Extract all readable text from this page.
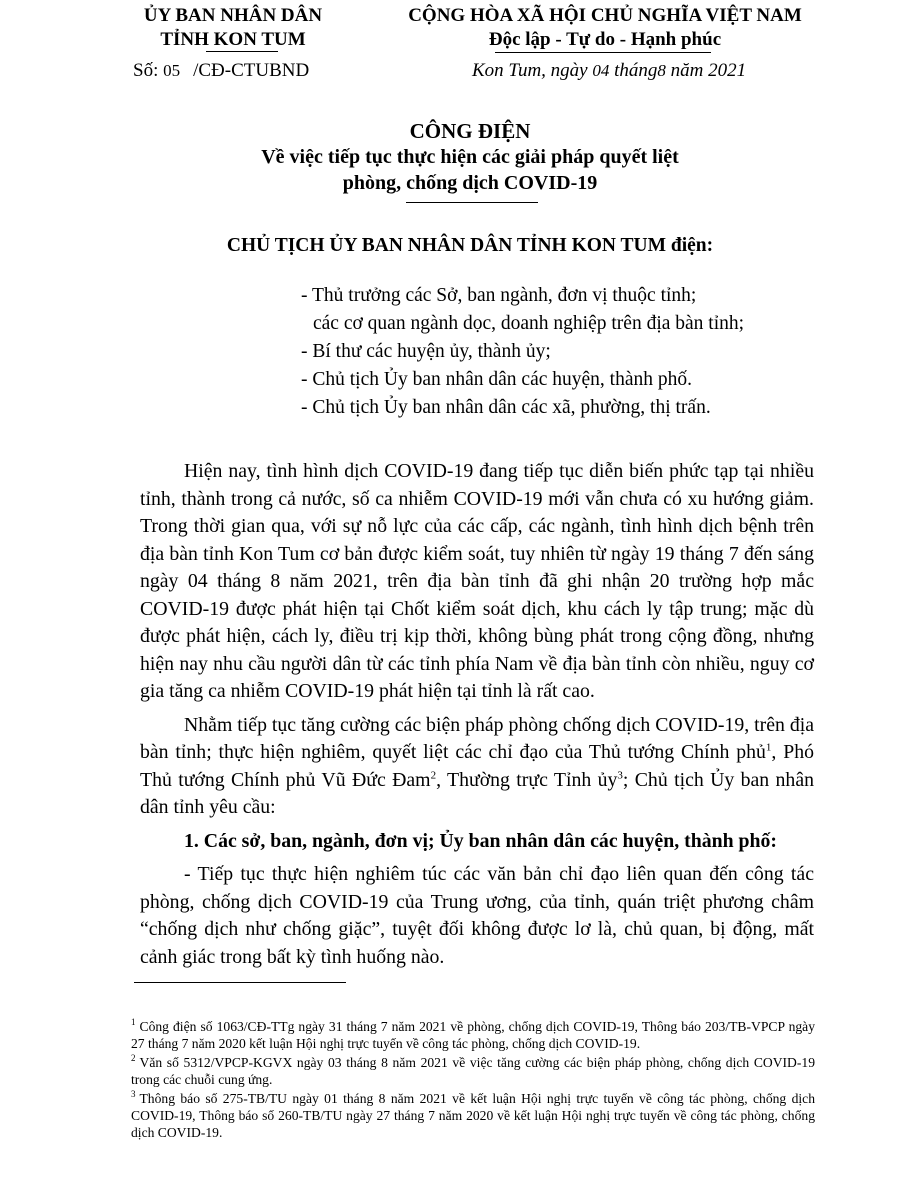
ỦY BAN NHÂN DÂN
TỈNH KON TUM
CỘNG HÒA XÃ HỘI CHỦ NGHĨA VIỆT NAM
Độc lập - Tự do - Hạnh phúc
Số: 05 /CĐ-CTUBND	Kon Tum, ngày 04 tháng8 năm 2021
CÔNG ĐIỆN
Về việc tiếp tục thực hiện các giải pháp quyết liệt
phòng, chống dịch COVID-19
CHỦ TỊCH ỦY BAN NHÂN DÂN TỈNH KON TUM điện:
- Thủ trưởng các Sở, ban ngành, đơn vị thuộc tỉnh;
các cơ quan ngành dọc, doanh nghiệp trên địa bàn tỉnh;
- Bí thư các huyện ủy, thành ủy;
- Chủ tịch Ủy ban nhân dân các huyện, thành phố.
- Chủ tịch Ủy ban nhân dân các xã, phường, thị trấn.

Hiện nay, tình hình dịch COVID-19 đang tiếp tục diễn biến phức tạp tại nhiều tỉnh, thành trong cả nước, số ca nhiễm COVID-19 mới vẫn chưa có xu hướng giảm. Trong thời gian qua, với sự nỗ lực của các cấp, các ngành, tình hình dịch bệnh trên địa bàn tỉnh Kon Tum cơ bản được kiểm soát, tuy nhiên từ ngày 19 tháng 7 đến sáng ngày 04 tháng 8 năm 2021, trên địa bàn tỉnh đã ghi nhận 20 trường hợp mắc COVID-19 được phát hiện tại Chốt kiểm soát dịch, khu cách ly tập trung; mặc dù được phát hiện, cách ly, điều trị kịp thời, không bùng phát trong cộng đồng, nhưng hiện nay nhu cầu người dân từ các tỉnh phía Nam về địa bàn tỉnh còn nhiều, nguy cơ gia tăng ca nhiễm COVID-19 phát hiện tại tỉnh là rất cao.

Nhằm tiếp tục tăng cường các biện pháp phòng chống dịch COVID-19, trên địa bàn tỉnh; thực hiện nghiêm, quyết liệt các chỉ đạo của Thủ tướng Chính phủ$^1$, Phó Thủ tướng Chính phủ Vũ Đức Đam$^2$, Thường trực Tỉnh ủy$^3$; Chủ tịch Ủy ban nhân dân tỉnh yêu cầu:

1. Các sở, ban, ngành, đơn vị; Ủy ban nhân dân các huyện, thành phố:

- Tiếp tục thực hiện nghiêm túc các văn bản chỉ đạo liên quan đến công tác phòng, chống dịch COVID-19 của Trung ương, của tỉnh, quán triệt phương châm “chống dịch như chống giặc”, tuyệt đối không được lơ là, chủ quan, bị động, mất cảnh giác trong bất kỳ tình huống nào.

$^1$ Công điện số 1063/CĐ-TTg ngày 31 tháng 7 năm 2021 về phòng, chống dịch COVID-19, Thông báo 203/TB-VPCP ngày 27 tháng 7 năm 2020 kết luận Hội nghị trực tuyến về công tác phòng, chống dịch COVID-19.

$^2$ Văn số 5312/VPCP-KGVX ngày 03 tháng 8 năm 2021 về việc tăng cường các biện pháp phòng, chống dịch COVID-19 trong các chuỗi cung ứng.

$^3$ Thông báo số 275-TB/TU ngày 01 tháng 8 năm 2021 về kết luận Hội nghị trực tuyến về công tác phòng, chống dịch COVID-19, Thông báo số 260-TB/TU ngày 27 tháng 7 năm 2020 về kết luận Hội nghị trực tuyến về công tác phòng, chống dịch COVID-19.
